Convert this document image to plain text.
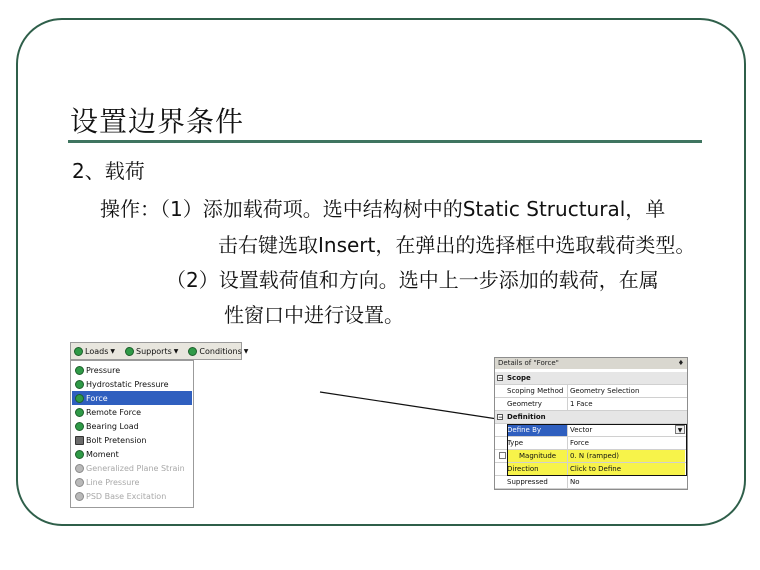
设置边界条件
2、载荷
操作：（1）添加载荷项。选中结构树中的Static Structural，单
击右键选取Insert，在弹出的选择框中选取载荷类型。
（2）设置载荷值和方向。选中上一步添加的载荷，在属
性窗口中进行设置。
Loads ▼	Supports ▼	Conditions ▼
Pressure
Hydrostatic Pressure
Force
Remote Force
Bearing Load
Bolt Pretension
Moment
Generalized Plane Strain
Line Pressure
PSD Base Excitation
Details of "Force"	♦
− Scope
Scoping Method Geometry Selection
Geometry	1 Face
− Definition
Define By	Vector	▼
Type	Force
Magnitude	0. N (ramped)
Direction	Click to Define
Suppressed	No
